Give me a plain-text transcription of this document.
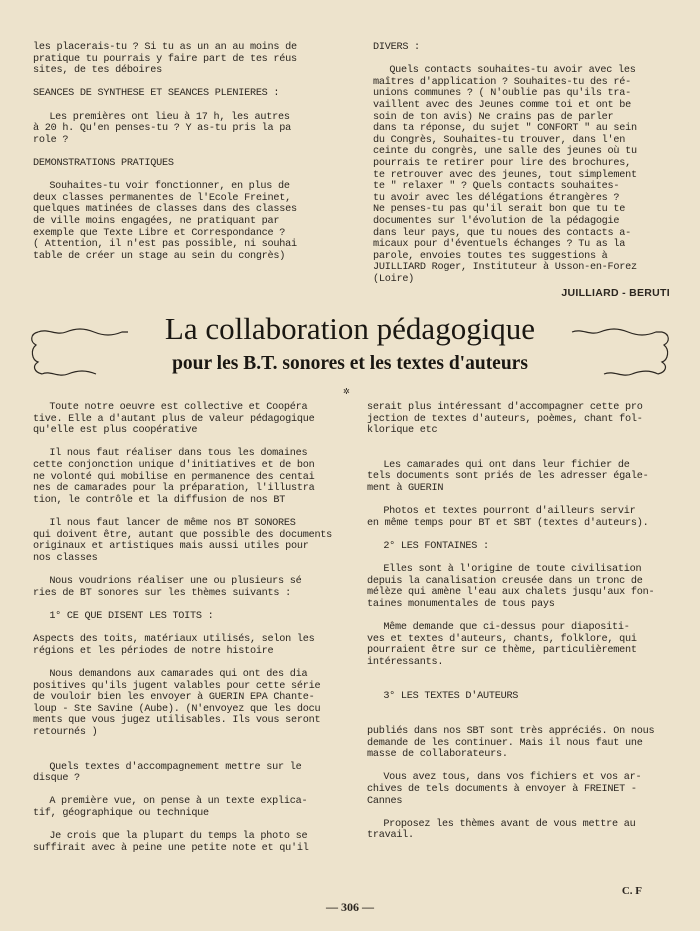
les placerais-tu ? Si tu as un an au moins de
pratique tu pourrais y faire part de tes réus
sites, de tes déboires

SEANCES DE SYNTHESE ET SEANCES PLENIERES :

Les premières ont lieu à 17 h, les autres
à 20 h. Qu'en penses-tu ? Y as-tu pris la pa
role ?

DEMONSTRATIONS PRATIQUES

Souhaites-tu voir fonctionner, en plus de
deux classes permanentes de l'Ecole Freinet,
quelques matinées de classes dans des classes
de ville moins engagées, ne pratiquant par
exemple que Texte Libre et Correspondance ?
( Attention, il n'est pas possible, ni souhai
table de créer un stage au sein du congrès)

DIVERS :

Quels contacts souhaites-tu avoir avec les
maîtres d'application ? Souhaites-tu des ré-
unions communes ? ( N'oublie pas qu'ils tra-
vaillent avec des Jeunes comme toi et ont be
soin de ton avis) Ne crains pas de parler
dans ta réponse, du sujet " CONFORT " au sein
du Congrès, Souhaites-tu trouver, dans l'en
ceinte du congrès, une salle des jeunes où tu
pourrais te retirer pour lire des brochures,
te retrouver avec des jeunes, tout simplement
te " relaxer " ? Quels contacts souhaites-
tu avoir avec les délégations étrangères ?
Ne penses-tu pas qu'il serait bon que tu te
documentes sur l'évolution de la pédagogie
dans leur pays, que tu noues des contacts a-
micaux pour d'éventuels échanges ? Tu as la
parole, envoies toutes tes suggestions à
JUILLIARD Roger, Instituteur à Usson-en-Forez
(Loire)

JUILLIARD - BERUTI
La collaboration pédagogique
pour les B.T. sonores et les textes d'auteurs
✲

Toute notre oeuvre est collective et Coopéra
tive. Elle a d'autant plus de valeur pédagogique
qu'elle est plus coopérative

Il nous faut réaliser dans tous les domaines
cette conjonction unique d'initiatives et de bon
ne volonté qui mobilise en permanence des centai
nes de camarades pour la préparation, l'illustra
tion, le contrôle et la diffusion de nos BT

Il nous faut lancer de même nos BT SONORES
qui doivent être, autant que possible des documents
originaux et artistiques mais aussi utiles pour
nos classes

Nous voudrions réaliser une ou plusieurs sé
ries de BT sonores sur les thèmes suivants :

1° CE QUE DISENT LES TOITS :

Aspects des toits, matériaux utilisés, selon les
régions et les périodes de notre histoire

Nous demandons aux camarades qui ont des dia
positives qu'ils jugent valables pour cette série
de vouloir bien les envoyer à GUERIN EPA Chante-
loup - Ste Savine (Aube). (N'envoyez que les docu
ments que vous jugez utilisables. Ils vous seront
retournés )

Quels textes d'accompagnement mettre sur le
disque ?

A première vue, on pense à un texte explica-
tif, géographique ou technique

Je crois que la plupart du temps la photo se
suffirait avec à peine une petite note et qu'il

serait plus intéressant d'accompagner cette pro
jection de textes d'auteurs, poèmes, chant fol-
klorique etc

Les camarades qui ont dans leur fichier de
tels documents sont priés de les adresser égale-
ment à GUERIN

Photos et textes pourront d'ailleurs servir
en même temps pour BT et SBT (textes d'auteurs).

2° LES FONTAINES :

Elles sont à l'origine de toute civilisation
depuis la canalisation creusée dans un tronc de
mélèze qui amène l'eau aux chalets jusqu'aux fon-
taines monumentales de tous pays

Même demande que ci-dessus pour diapositi-
ves et textes d'auteurs, chants, folklore, qui
pourraient être sur ce thème, particulièrement
intéressants.

3° LES TEXTES D'AUTEURS

publiés dans nos SBT sont très appréciés. On nous
demande de les continuer. Mais il nous faut une
masse de collaborateurs.

Vous avez tous, dans vos fichiers et vos ar-
chives de tels documents à envoyer à FREINET -
Cannes

Proposez les thèmes avant de vous mettre au
travail.

C. F
— 306 —
